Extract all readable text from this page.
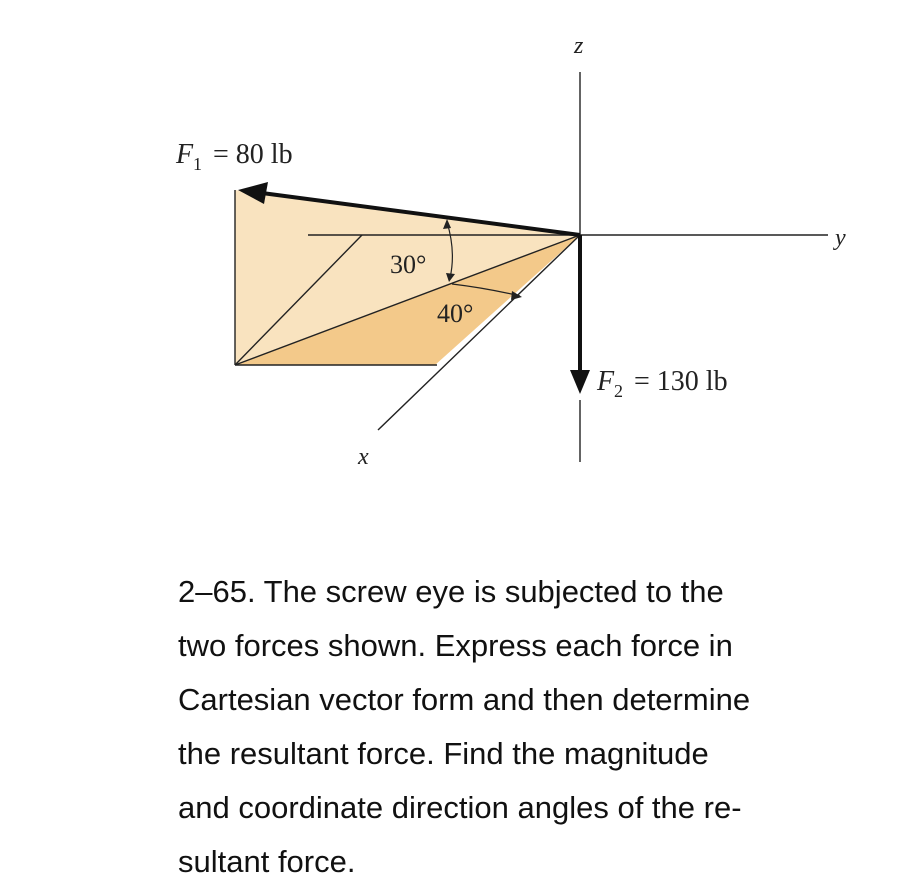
z
y
x
F 1 = 80 lb
F 2 = 130 lb
30°
40°
2–65. The screw eye is subjected to the
two forces shown. Express each force in
Cartesian vector form and then determine
the resultant force. Find the magnitude
and coordinate direction angles of the re-
sultant force.
